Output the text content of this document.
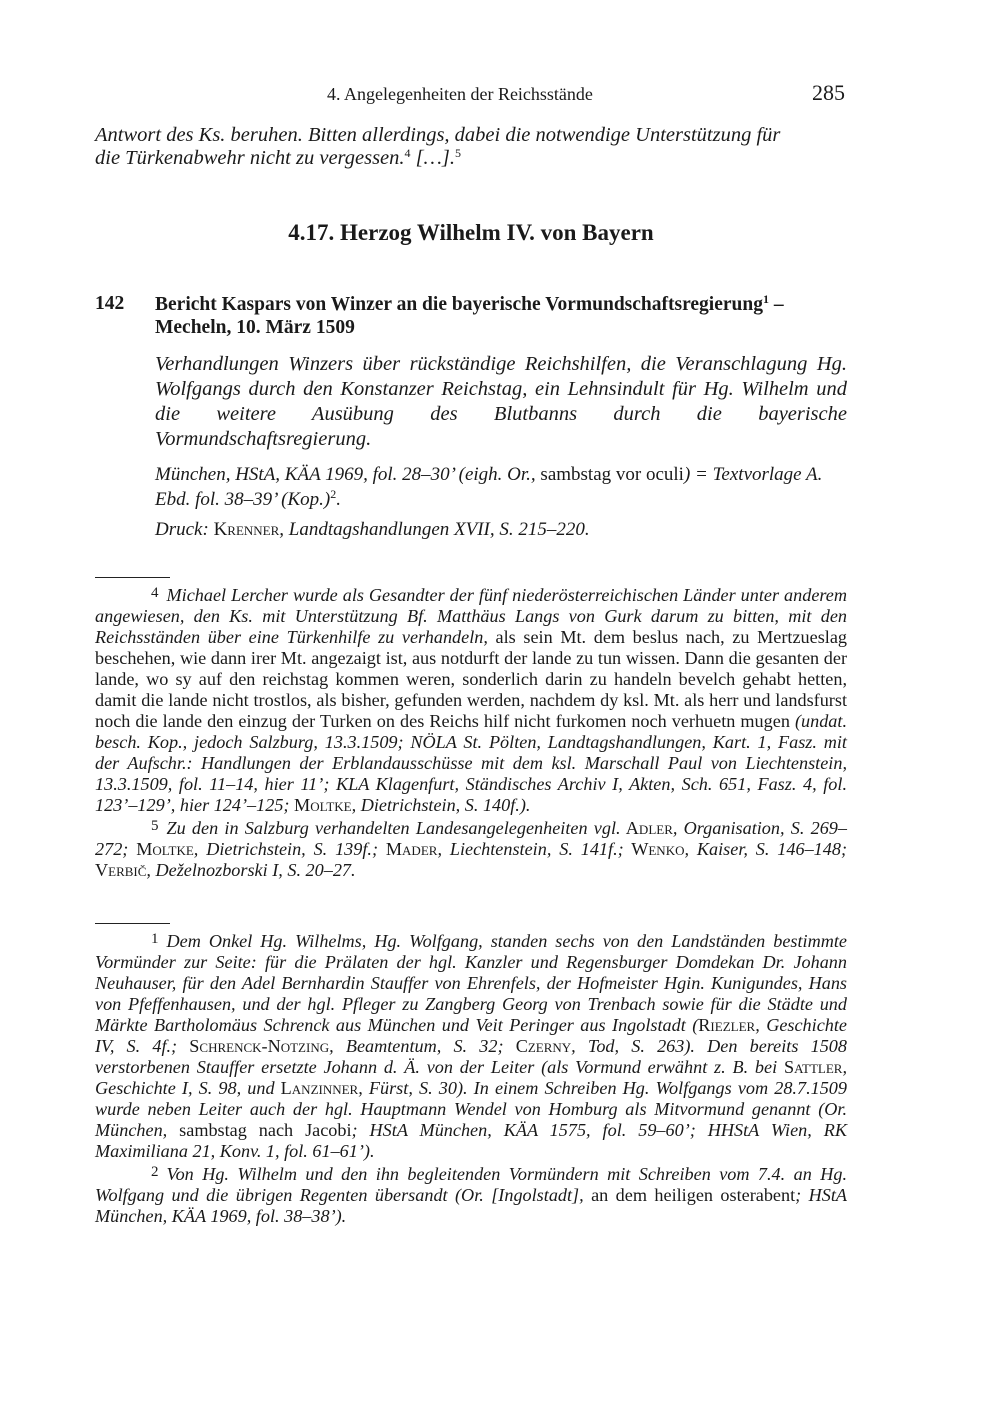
4. Angelegenheiten der Reichsstände	285
Antwort des Ks. beruhen. Bitten allerdings, dabei die notwendige Unterstützung für
die Türkenabwehr nicht zu vergessen.$^4$ […].$^5$
4.17. Herzog Wilhelm IV. von Bayern
142 Bericht Kaspars von Winzer an die bayerische Vormundschaftsregierung$^1$ –
Mecheln, 10. März 1509
Verhandlungen Winzers über rückständige Reichshilfen, die Veranschlagung Hg. Wolfgangs durch den Konstanzer Reichstag, ein Lehnsindult für Hg. Wilhelm und die weitere Ausübung des Blutbanns durch die bayerische Vormundschaftsregierung.
München, HStA, KÄA 1969, fol. 28–30’ (eigh. Or., sambstag vor oculi) = Textvorlage A. Ebd. fol. 38–39’ $(Kop.)^2$.
Druck: Krenner, Landtagshandlungen XVII, S. 215–220.

4 Michael Lercher wurde als Gesandter der fünf niederösterreichischen Länder unter anderem angewiesen, den Ks. mit Unterstützung Bf. Matthäus Langs von Gurk darum zu bitten, mit den Reichsständen über eine Türkenhilfe zu verhandeln, als sein Mt. dem beslus nach, zu Mertzueslag beschehen, wie dann irer Mt. angezaigt ist, aus notdurft der lande zu tun wissen. Dann die gesanten der lande, wo sy auf den reichstag kommen weren, sonderlich darin zu handeln bevelch gehabt hetten, damit die lande nicht trostlos, als bisher, gefunden werden, nachdem dy ksl. Mt. als herr und landsfurst noch die lande den einzug der Turken on des Reichs hilf nicht furkomen noch verhuetn mugen (undat. besch. Kop., jedoch Salzburg, 13.3.1509; NÖLA St. Pölten, Landtagshandlungen, Kart. 1, Fasz. mit der Aufschr.: Handlungen der Erblandausschüsse mit dem ksl. Marschall Paul von Liechtenstein, 13.3.1509, fol. 11–14, hier 11’; KLA Klagenfurt, Ständisches Archiv I, Akten, Sch. 651, Fasz. 4, fol. 123’–129’, hier 124’–125; Moltke, Dietrichstein, S. 140f.).

5 Zu den in Salzburg verhandelten Landesangelegenheiten vgl. Adler, Organisation, S. 269–272; Moltke, Dietrichstein, S. 139f.; Mader, Liechtenstein, S. 141f.; Wenko, Kaiser, S. 146–148; Verbič, Deželnozborski I, S. 20–27.

1 Dem Onkel Hg. Wilhelms, Hg. Wolfgang, standen sechs von den Landständen bestimmte Vormünder zur Seite: für die Prälaten der hgl. Kanzler und Regensburger Domdekan Dr. Johann Neuhauser, für den Adel Bernhardin Stauffer von Ehrenfels, der Hofmeister Hgin. Kunigundes, Hans von Pfeffenhausen, und der hgl. Pfleger zu Zangberg Georg von Trenbach sowie für die Städte und Märkte Bartholomäus Schrenck aus München und Veit Peringer aus Ingolstadt (Riezler, Geschichte IV, S. 4f.; Schrenck-Notzing, Beamtentum, S. 32; Czerny, Tod, S. 263). Den bereits 1508 verstorbenen Stauffer ersetzte Johann d. Ä. von der Leiter (als Vormund erwähnt z. B. bei Sattler, Geschichte I, S. 98, und Lanzinner, Fürst, S. 30). In einem Schreiben Hg. Wolfgangs vom 28.7.1509 wurde neben Leiter auch der hgl. Hauptmann Wendel von Homburg als Mitvormund genannt (Or. München, sambstag nach Jacobi; HStA München, KÄA 1575, fol. 59–60’; HHStA Wien, RK Maximiliana 21, Konv. 1, fol. 61–61’).

2 Von Hg. Wilhelm und den ihn begleitenden Vormündern mit Schreiben vom 7.4. an Hg. Wolfgang und die übrigen Regenten übersandt (Or. [Ingolstadt], an dem heiligen osterabent; HStA München, KÄA 1969, fol. 38–38’).
